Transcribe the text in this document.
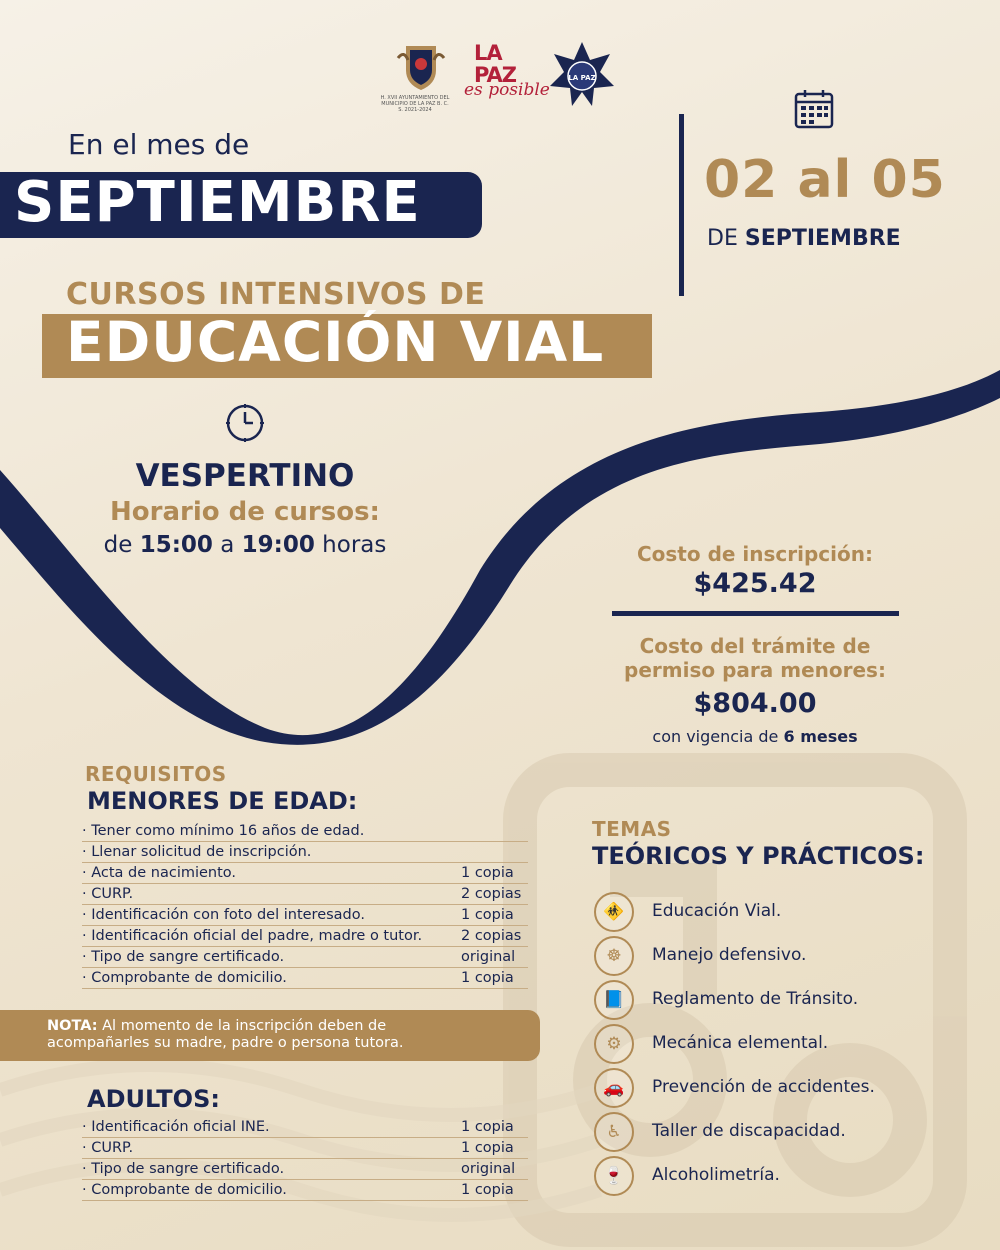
H. XVII AYUNTAMIENTO DEL MUNICIPIO DE LA PAZ B. C. S. 2021-2024
LA
PAZ
es posible
LA PAZ
En el mes de
SEPTIEMBRE	02 al 05
DE SEPTIEMBRE
CURSOS INTENSIVOS DE
EDUCACIÓN VIAL
VESPERTINO
Horario de cursos:
de 15:00 a 19:00 horas	Costo de inscripción:
$425.42
Costo del trámite de
permiso para menores:
$804.00
con vigencia de 6 meses
REQUISITOS
MENORES DE EDAD:
· Tener como mínimo 16 años de edad.
· Llenar solicitud de inscripción.
· Acta de nacimiento.	1 copia
· CURP.	2 copias
· Identificación con foto del interesado.	1 copia
· Identificación oficial del padre, madre o tutor.	2 copias
· Tipo de sangre certificado.	original
· Comprobante de domicilio.	1 copia
NOTA: Al momento de la inscripción deben de
acompañarles su madre, padre o persona tutora.
ADULTOS:
· Identificación oficial INE.	1 copia
· CURP.	1 copia
· Tipo de sangre certificado.	original
· Comprobante de domicilio.	1 copia
TEMAS
TEÓRICOS Y PRÁCTICOS:
🚸	Educación Vial.
☸	Manejo defensivo.
📘	Reglamento de Tránsito.
⚙	Mecánica elemental.
🚗	Prevención de accidentes.
♿	Taller de discapacidad.
🍷	Alcoholimetría.
